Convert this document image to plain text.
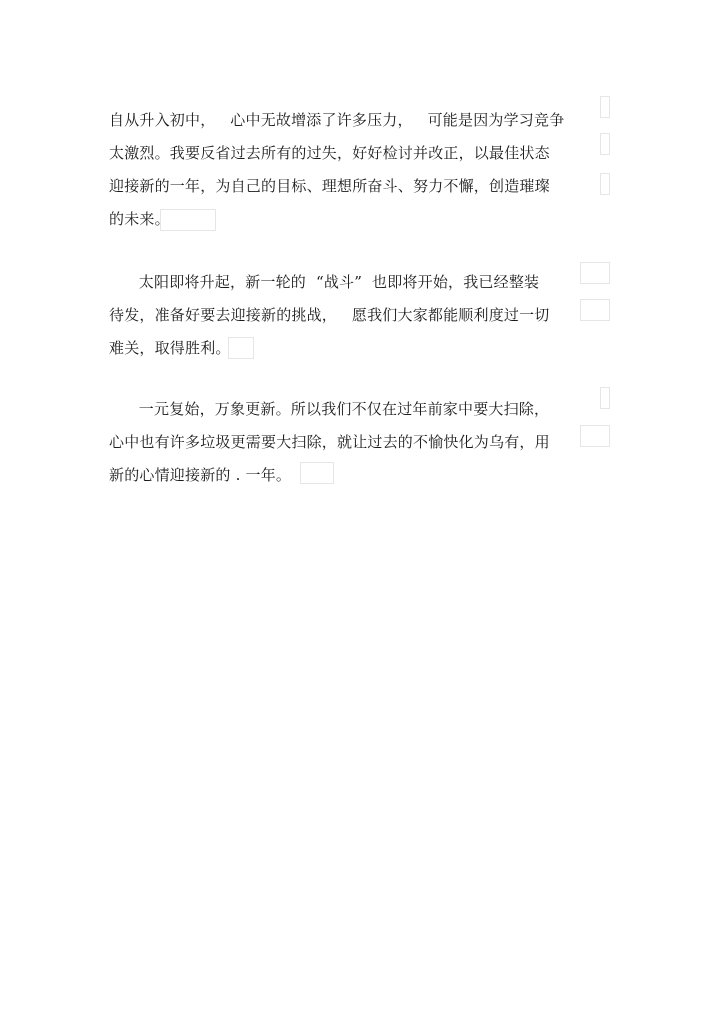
自从升入初中，   心中无故增添了许多压力，   可能是因为学习竞争
太激烈。我要反省过去所有的过失，好好检讨并改正，以最佳状态
迎接新的一年，为自己的目标、理想所奋斗、努力不懈，创造璀璨
的未来。
太阳即将升起，新一轮的  “战斗”  也即将开始，我已经整装
待发，准备好要去迎接新的挑战，   愿我们大家都能顺利度过一切
难关，取得胜利。
一元复始，万象更新。所以我们不仅在过年前家中要大扫除，
心中也有许多垃圾更需要大扫除，就让过去的不愉快化为乌有，用
新的心情迎接新的 . 一年。
